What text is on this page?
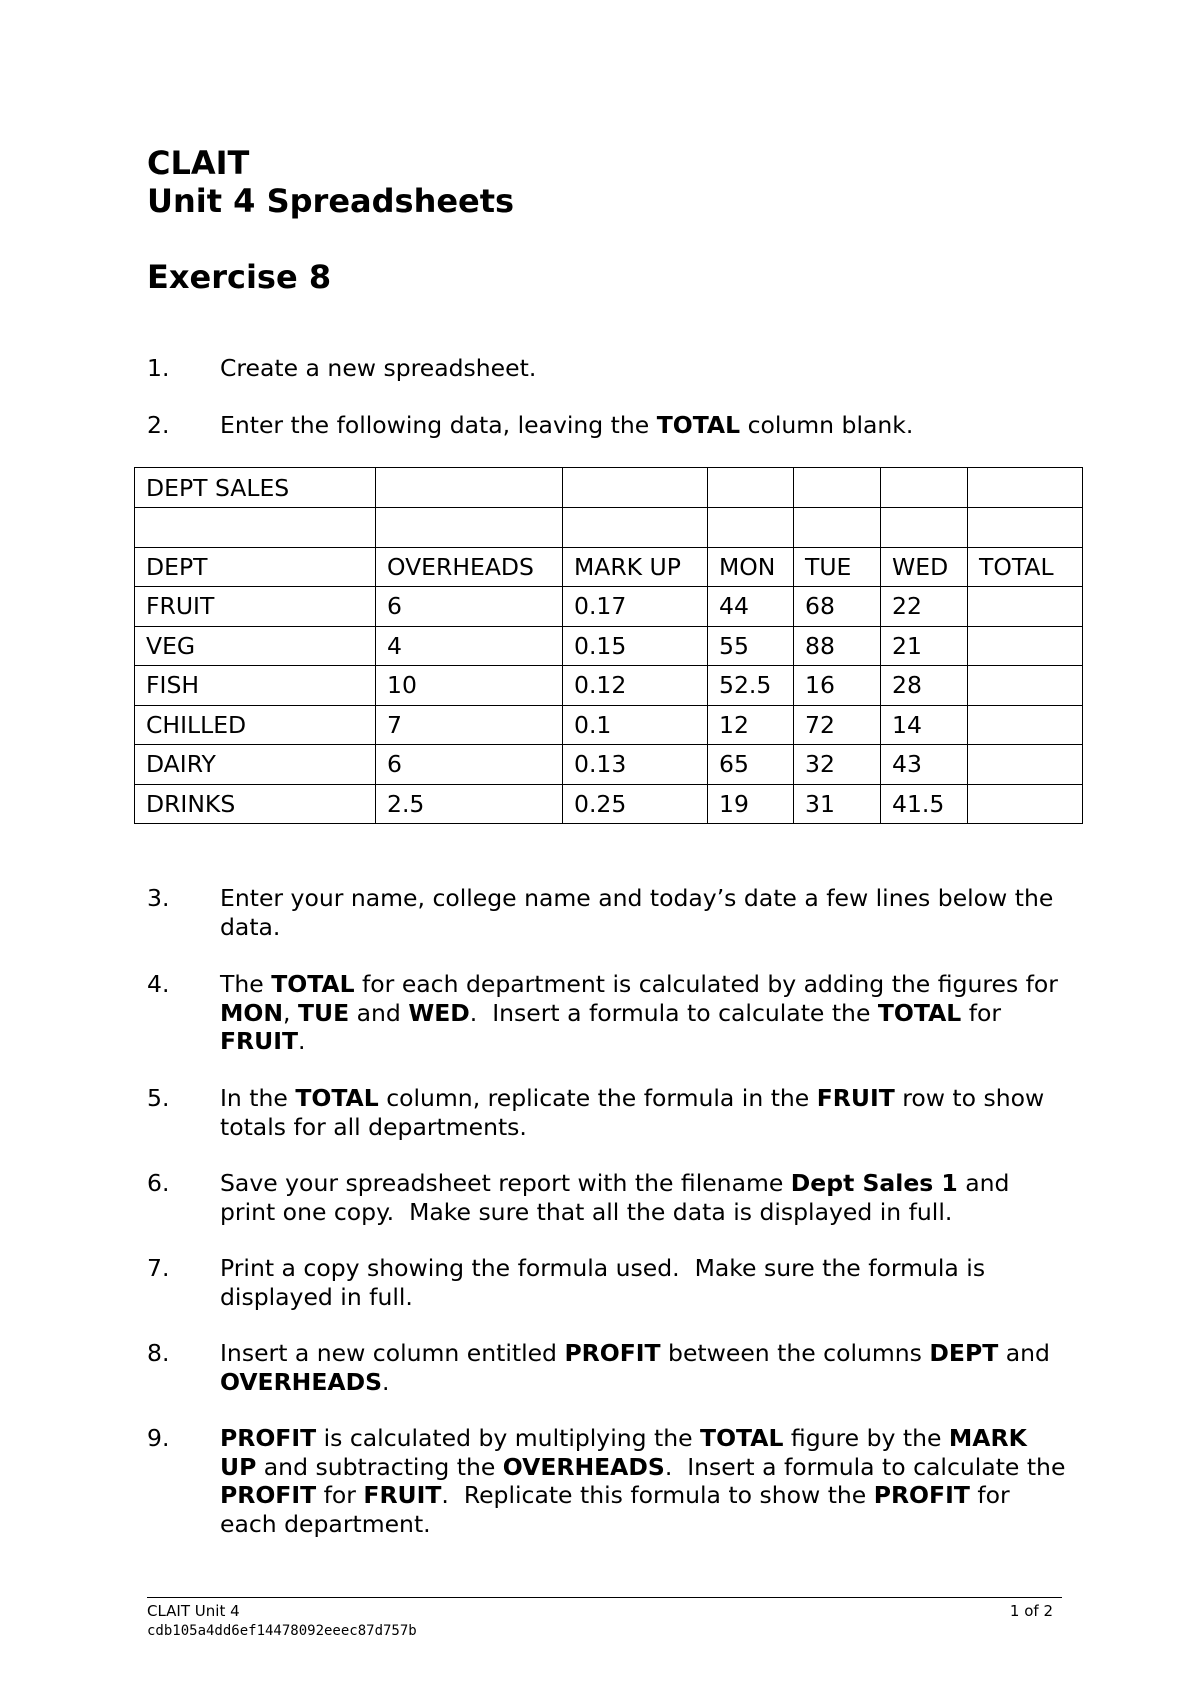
CLAIT
Unit 4 Spreadsheets
Exercise 8
1. Create a new spreadsheet.
2. Enter the following data, leaving the TOTAL column blank.
DEPT SALES						

DEPT	OVERHEADS	MARK UP	MON	TUE	WED	TOTAL
FRUIT	6	0.17	44	68	22	
VEG	4	0.15	55	88	21	
FISH	10	0.12	52.5	16	28	
CHILLED	7	0.1	12	72	14	
DAIRY	6	0.13	65	32	43	
DRINKS	2.5	0.25	19	31	41.5	
3. Enter your name, college name and today’s date a few lines below the data.
4. The TOTAL for each department is calculated by adding the figures for MON, TUE and WED.  Insert a formula to calculate the TOTAL for FRUIT.
5. In the TOTAL column, replicate the formula in the FRUIT row to show totals for all departments.
6. Save your spreadsheet report with the filename Dept Sales 1 and print one copy.  Make sure that all the data is displayed in full.
7. Print a copy showing the formula used.  Make sure the formula is displayed in full.
8. Insert a new column entitled PROFIT between the columns DEPT and OVERHEADS.
9. PROFIT is calculated by multiplying the TOTAL figure by the MARK UP and subtracting the OVERHEADS.  Insert a formula to calculate the PROFIT for FRUIT.  Replicate this formula to show the PROFIT for each department.
CLAIT Unit 4
cdb105a4dd6ef14478092eeec87d757b
1 of 2
